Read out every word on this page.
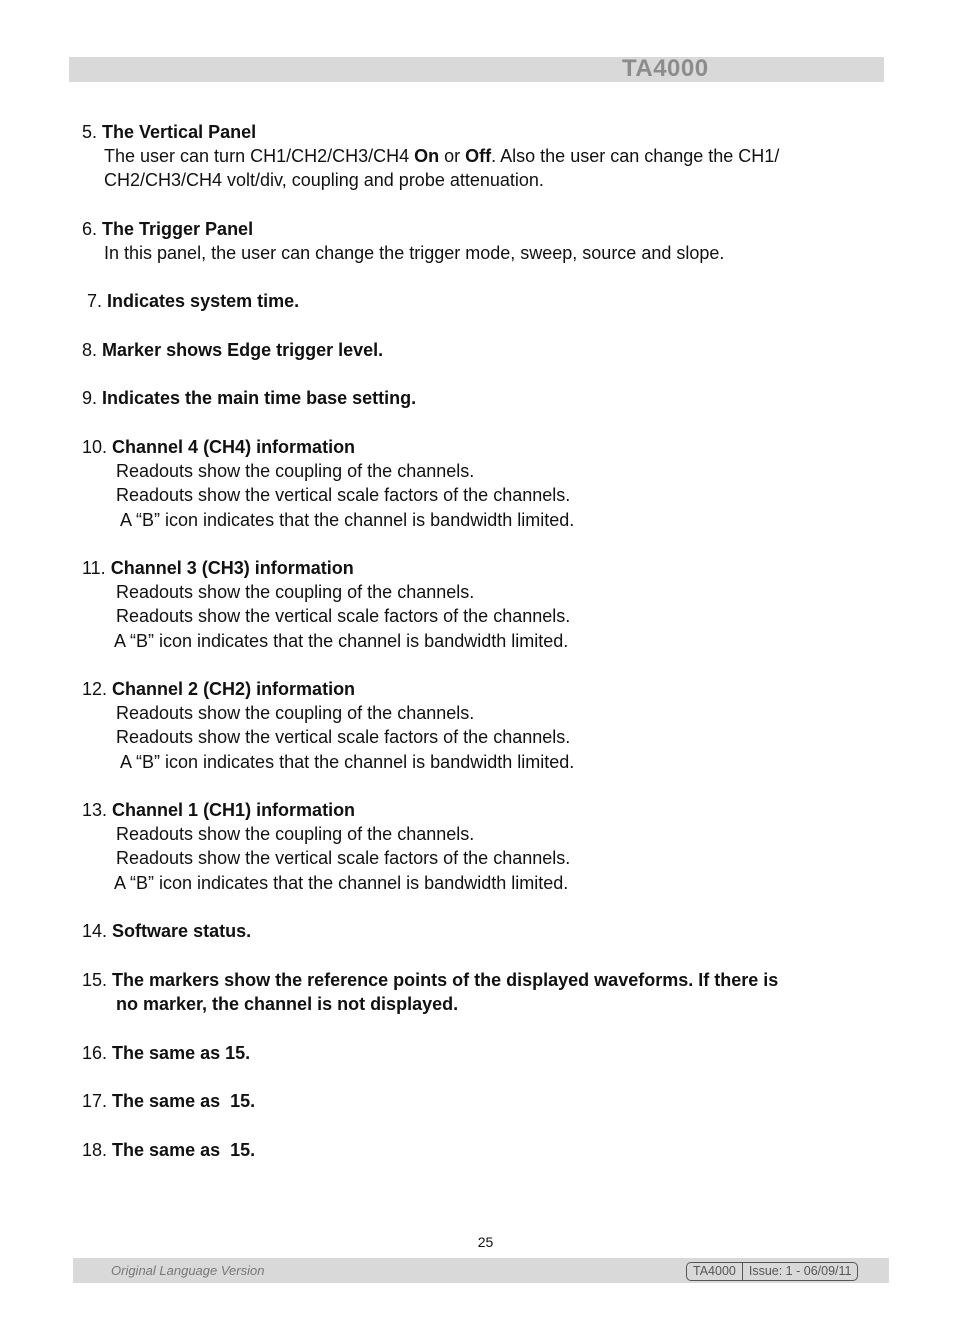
TA4000
5. The Vertical Panel
The user can turn CH1/CH2/CH3/CH4 On or Off. Also the user can change the CH1/
CH2/CH3/CH4 volt/div, coupling and probe attenuation.
6. The Trigger Panel
In this panel, the user can change the trigger mode, sweep, source and slope.
7. Indicates system time.
8. Marker shows Edge trigger level.
9. Indicates the main time base setting.
10. Channel 4 (CH4) information
Readouts show the coupling of the channels.
Readouts show the vertical scale factors of the channels.
A “B” icon indicates that the channel is bandwidth limited.
11. Channel 3 (CH3) information
Readouts show the coupling of the channels.
Readouts show the vertical scale factors of the channels.
A “B” icon indicates that the channel is bandwidth limited.
12. Channel 2 (CH2) information
Readouts show the coupling of the channels.
Readouts show the vertical scale factors of the channels.
A “B” icon indicates that the channel is bandwidth limited.
13. Channel 1 (CH1) information
Readouts show the coupling of the channels.
Readouts show the vertical scale factors of the channels.
A “B” icon indicates that the channel is bandwidth limited.
14. Software status.
15. The markers show the reference points of the displayed waveforms. If there is
no marker, the channel is not displayed.
16. The same as 15.
17. The same as  15.
18. The same as  15.
25
Original Language Version	TA4000	Issue: 1 - 06/09/11
